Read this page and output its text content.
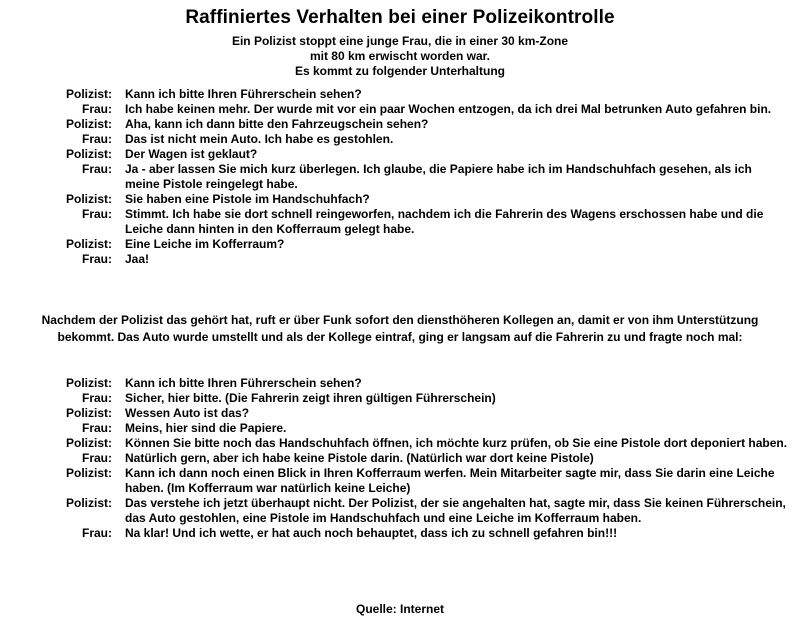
Raffiniertes Verhalten bei einer Polizeikontrolle
Ein Polizist stoppt eine junge Frau, die in einer 30 km-Zone
mit 80 km erwischt worden war.
Es kommt zu folgender Unterhaltung
Polizist: Kann ich bitte Ihren Führerschein sehen?
Frau: Ich habe keinen mehr. Der wurde mit vor ein paar Wochen entzogen, da ich drei Mal betrunken Auto gefahren bin.
Polizist: Aha, kann ich dann bitte den Fahrzeugschein sehen?
Frau: Das ist nicht mein Auto. Ich habe es gestohlen.
Polizist: Der Wagen ist geklaut?
Frau: Ja - aber lassen Sie mich kurz überlegen. Ich glaube, die Papiere habe ich im Handschuhfach gesehen, als ich meine Pistole reingelegt habe.
Polizist: Sie haben eine Pistole im Handschuhfach?
Frau: Stimmt. Ich habe sie dort schnell reingeworfen, nachdem ich die Fahrerin des Wagens erschossen habe und die Leiche dann hinten in den Kofferraum gelegt habe.
Polizist: Eine Leiche im Kofferraum?
Frau: Jaa!
Nachdem der Polizist das gehört hat, ruft er über Funk sofort den diensthöheren Kollegen an, damit er von ihm Unterstützung bekommt. Das Auto wurde umstellt und als der Kollege eintraf, ging er langsam auf die Fahrerin zu und fragte noch mal:
Polizist: Kann ich bitte Ihren Führerschein sehen?
Frau: Sicher, hier bitte. (Die Fahrerin zeigt ihren gültigen Führerschein)
Polizist: Wessen Auto ist das?
Frau: Meins, hier sind die Papiere.
Polizist: Können Sie bitte noch das Handschuhfach öffnen, ich möchte kurz prüfen, ob Sie eine Pistole dort deponiert haben.
Frau: Natürlich gern, aber ich habe keine Pistole darin. (Natürlich war dort keine Pistole)
Polizist: Kann ich dann noch einen Blick in Ihren Kofferraum werfen. Mein Mitarbeiter sagte mir, dass Sie darin eine Leiche haben. (Im Kofferraum war natürlich keine Leiche)
Polizist: Das verstehe ich jetzt überhaupt nicht. Der Polizist, der sie angehalten hat, sagte mir, dass Sie keinen Führerschein, das Auto gestohlen, eine Pistole im Handschuhfach und eine Leiche im Kofferraum haben.
Frau: Na klar! Und ich wette, er hat auch noch behauptet, dass ich zu schnell gefahren bin!!!
Quelle: Internet
